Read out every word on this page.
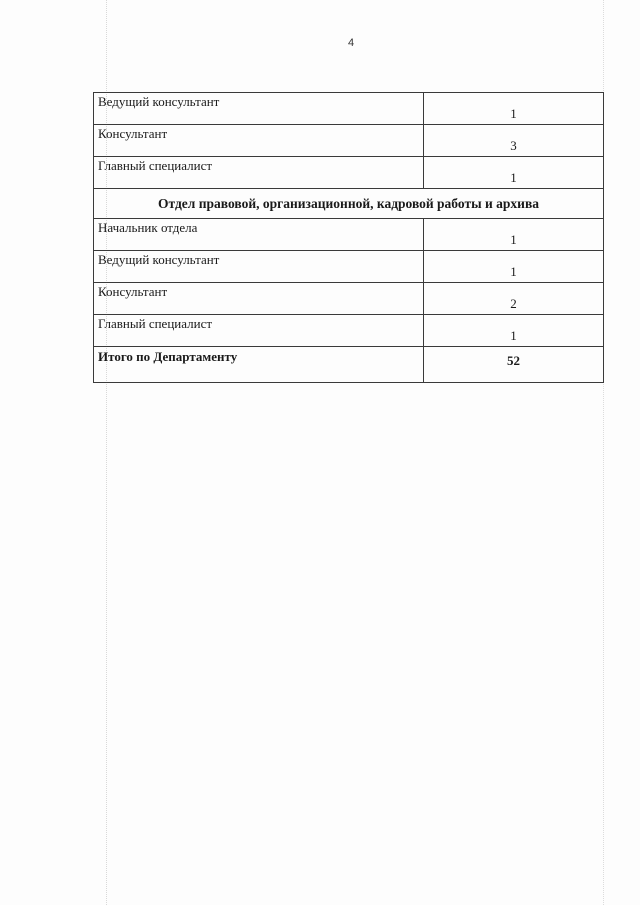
4
Ведущий консультант	1
Консультант	3
Главный специалист	1
Отдел правовой, организационной, кадровой работы и архива	
Начальник отдела	1
Ведущий консультант	1
Консультант	2
Главный специалист	1
Итого по Департаменту	52
